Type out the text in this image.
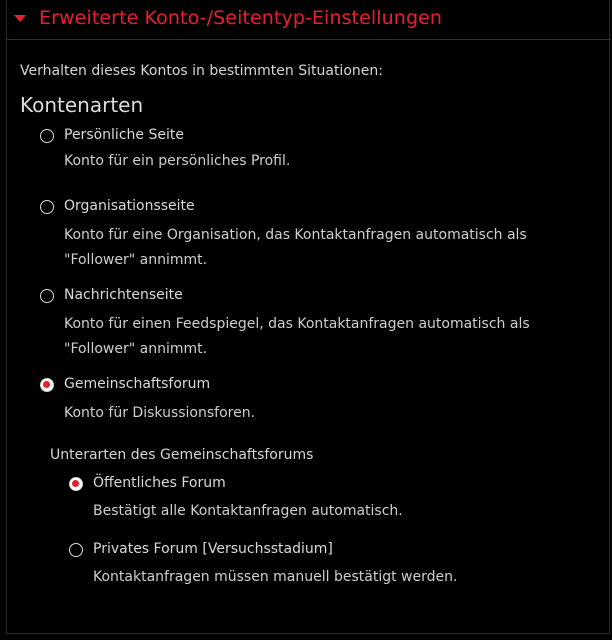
Erweiterte Konto-/Seitentyp-Einstellungen
Verhalten dieses Kontos in bestimmten Situationen:
Kontenarten
Persönliche Seite
Konto für ein persönliches Profil.
Organisationsseite
Konto für eine Organisation, das Kontaktanfragen automatisch als
"Follower" annimmt.
Nachrichtenseite
Konto für einen Feedspiegel, das Kontaktanfragen automatisch als
"Follower" annimmt.
Gemeinschaftsforum
Konto für Diskussionsforen.
Unterarten des Gemeinschaftsforums
Öffentliches Forum
Bestätigt alle Kontaktanfragen automatisch.
Privates Forum [Versuchsstadium]
Kontaktanfragen müssen manuell bestätigt werden.
